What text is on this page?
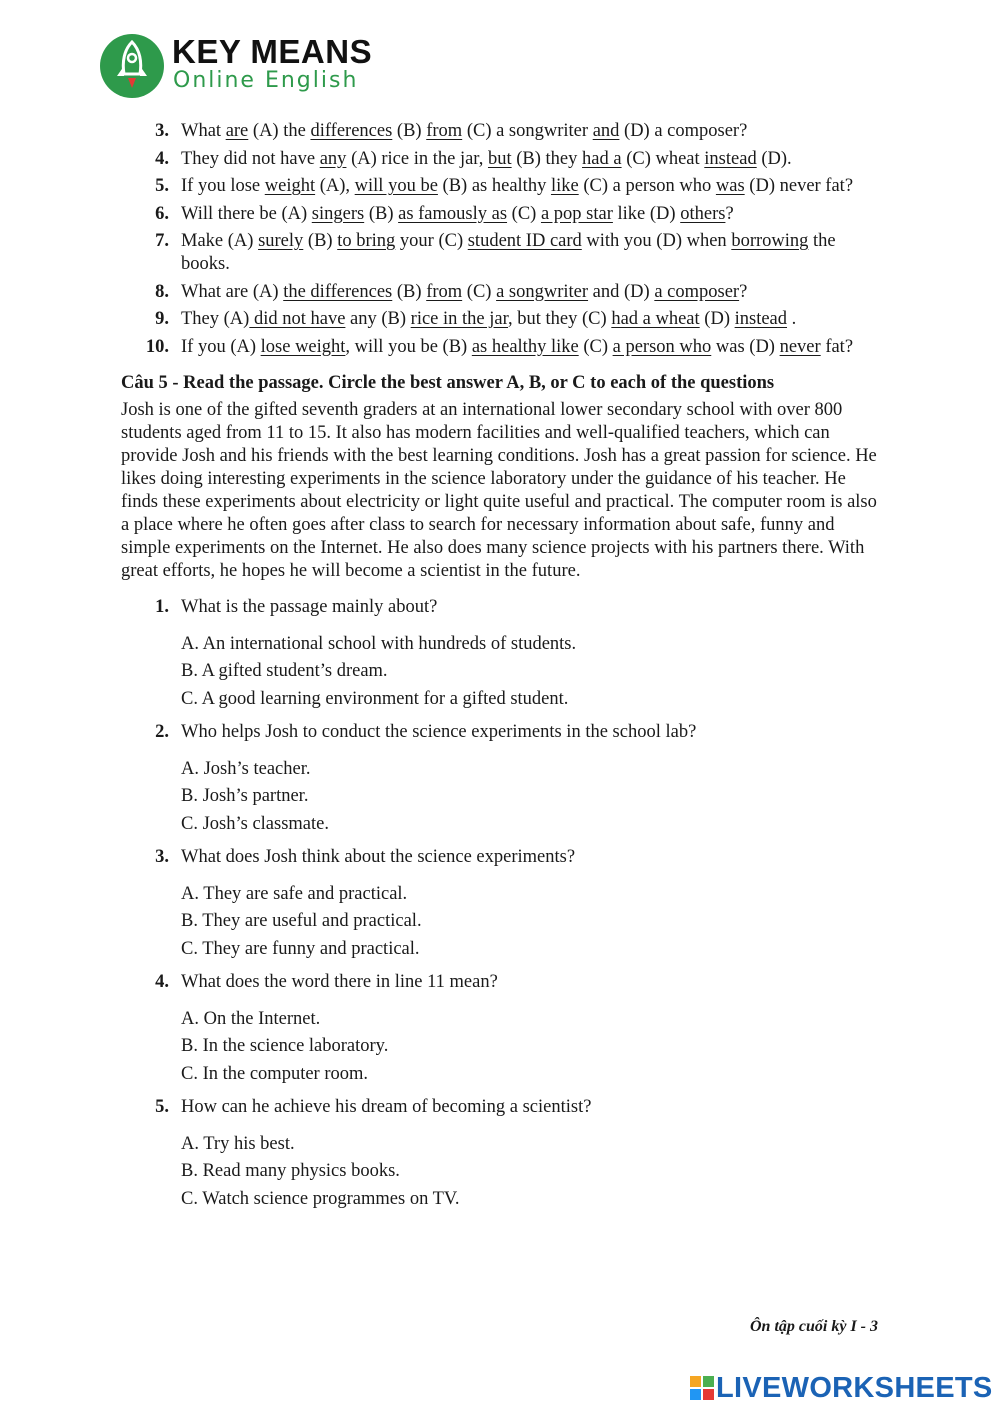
KEY MEANS
Online English
3. What are (A) the differences (B) from (C) a songwriter and (D) a composer?
4. They did not have any (A) rice in the jar, but (B) they had a (C) wheat instead (D).
5. If you lose weight (A), will you be (B) as healthy like (C) a person who was (D) never fat?
6. Will there be (A) singers (B) as famously as (C) a pop star like (D) others?
7. Make (A) surely (B) to bring your (C) student ID card with you (D) when borrowing the books.
8. What are (A) the differences (B) from (C) a songwriter and (D) a composer?
9. They (A) did not have any (B) rice in the jar, but they (C) had a wheat (D) instead .
10. If you (A) lose weight, will you be (B) as healthy like (C) a person who was (D) never fat?
Câu 5 - Read the passage. Circle the best answer A, B, or C to each of the questions
Josh is one of the gifted seventh graders at an international lower secondary school with over 800 students aged from 11 to 15. It also has modern facilities and well-qualified teachers, which can provide Josh and his friends with the best learning conditions. Josh has a great passion for science. He likes doing interesting experiments in the science laboratory under the guidance of his teacher. He finds these experiments about electricity or light quite useful and practical. The computer room is also a place where he often goes after class to search for necessary information about safe, funny and simple experiments on the Internet. He also does many science projects with his partners there. With great efforts, he hopes he will become a scientist in the future.
1. What is the passage mainly about?
A. An international school with hundreds of students.
B. A gifted student’s dream.
C. A good learning environment for a gifted student.
2. Who helps Josh to conduct the science experiments in the school lab?
A. Josh’s teacher.
B. Josh’s partner.
C. Josh’s classmate.
3. What does Josh think about the science experiments?
A. They are safe and practical.
B. They are useful and practical.
C. They are funny and practical.
4. What does the word there in line 11 mean?
A. On the Internet.
B. In the science laboratory.
C. In the computer room.
5. How can he achieve his dream of becoming a scientist?
A. Try his best.
B. Read many physics books.
C. Watch science programmes on TV.
Ôn tập cuối kỳ I - 3
LIVEWORKSHEETS
